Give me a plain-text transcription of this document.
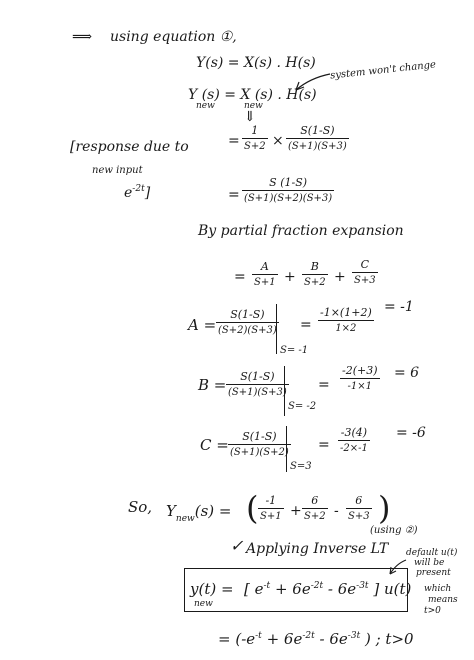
⟹ using equation ①,
Y(s) = X(s) . H(s)
Y (s) = X (s) . H(s)
new	new
system won't change
⇓
= $\frac{1}{S+2} \times \frac{S(1-S)}{(S+1)(S+3)}$
[response due to
new input
$e^{-2t}$]	= $\frac{S (1-S)}{(S+1)(S+2)(S+3)}$
By partial fraction expansion
= $\frac{A}{S+1} + \frac{B}{S+2} + \frac{C}{S+3}$
$A = \frac{S(1-S)}{(S+2)(S+3)}$
S= -1
= $\frac{-1\times(1+2)}{1\times 2} = -1$
$B = \frac{S(1-S)}{(S+1)(S+3)}$
S= -2
= $\frac{-2(+3)}{-1\times 1} = 6$
$C = \frac{S(1-S)}{(S+1)(S+2)}$
S=3
= $\frac{-3(4)}{-2\times-1} = -6$
So, $Y_{new}(s)$ = ( $\frac{-1}{S+1} + \frac{6}{S+2} - \frac{6}{S+3}$ )
✓ Applying Inverse LT
(using ②)
default u(t)
will be
present
which
means
t>0
y(t) =
new
[ $e^{-t} + 6e^{-2t} - 6e^{-3t}$ ] u(t)
= ($-e^{-t} + 6e^{-2t} - 6e^{-3t}$ ) ; t>0
